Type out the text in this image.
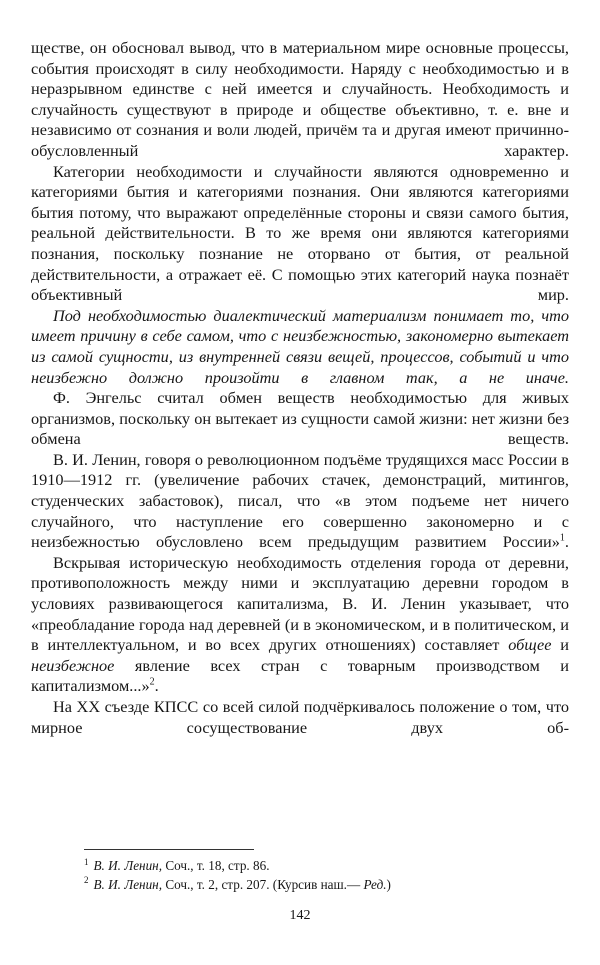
ществе, он обосновал вывод, что в материальном мире основные процессы, события происходят в силу необходимости. Наряду с необходимостью и в неразрывном единстве с ней имеется и случайность. Необходимость и случайность существуют в природе и обществе объективно, т. е. вне и независимо от сознания и воли людей, причём та и другая имеют причинно-обусловленный характер.

Категории необходимости и случайности являются одновременно и категориями бытия и категориями познания. Они являются категориями бытия потому, что выражают определённые стороны и связи самого бытия, реальной действительности. В то же время они являются категориями познания, поскольку познание не оторвано от бытия, от реальной действительности, а отражает её. С помощью этих категорий наука познаёт объективный мир.

Под необходимостью диалектический материализм понимает то, что имеет причину в себе самом, что с неизбежностью, закономерно вытекает из самой сущности, из внутренней связи вещей, процессов, событий и что неизбежно должно произойти в главном так, а не иначе.

Ф. Энгельс считал обмен веществ необходимостью для живых организмов, поскольку он вытекает из сущности самой жизни: нет жизни без обмена веществ.

В. И. Ленин, говоря о революционном подъёме трудящихся масс России в 1910—1912 гг. (увеличение рабочих стачек, демонстраций, митингов, студенческих забастовок), писал, что «в этом подъеме нет ничего случайного, что наступление его совершенно закономерно и с неизбежностью обусловлено всем предыдущим развитием России»$^1$.

Вскрывая историческую необходимость отделения города от деревни, противоположность между ними и эксплуатацию деревни городом в условиях развивающегося капитализма, В. И. Ленин указывает, что «преобладание города над деревней (и в экономическом, и в политическом, и в интеллектуальном, и во всех других отношениях) составляет общее и неизбежное явление всех стран с товарным производством и капитализмом...»$^2$.

На XX съезде КПСС со всей силой подчёркивалось положение о том, что мирное сосуществование двух об-

$^1$ В. И. Ленин, Соч., т. 18, стр. 86.

$^2$ В. И. Ленин, Соч., т. 2, стр. 207. (Курсив наш.— Ред.)

142
